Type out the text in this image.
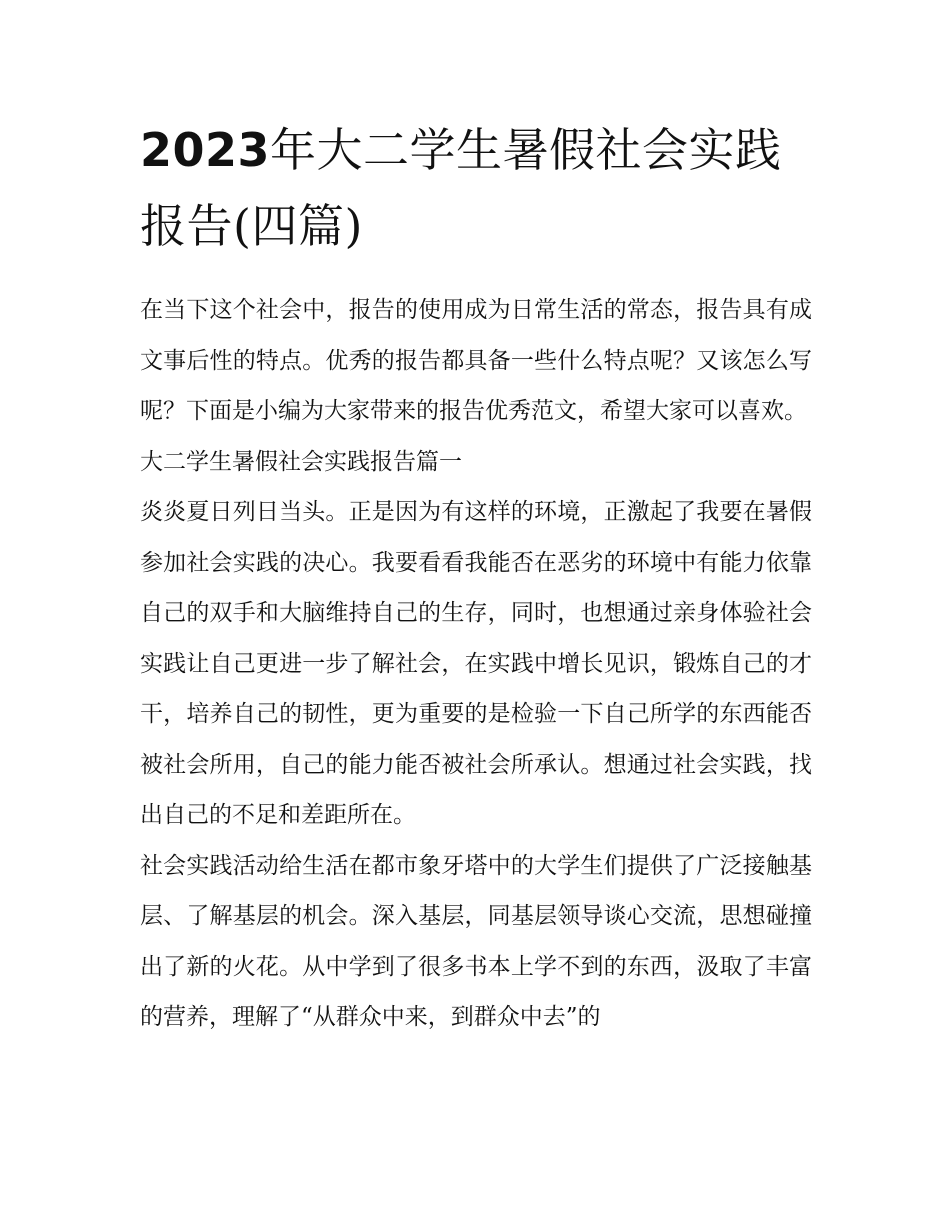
2023年大二学生暑假社会实践报告(四篇)

在当下这个社会中，报告的使用成为日常生活的常态，报告具有成文事后性的特点。优秀的报告都具备一些什么特点呢？又该怎么写呢？下面是小编为大家带来的报告优秀范文，希望大家可以喜欢。

大二学生暑假社会实践报告篇一

炎炎夏日列日当头。正是因为有这样的环境，正激起了我要在暑假参加社会实践的决心。我要看看我能否在恶劣的环境中有能力依靠自己的双手和大脑维持自己的生存，同时，也想通过亲身体验社会实践让自己更进一步了解社会，在实践中增长见识，锻炼自己的才干，培养自己的韧性，更为重要的是检验一下自己所学的东西能否被社会所用，自己的能力能否被社会所承认。想通过社会实践，找出自己的不足和差距所在。

社会实践活动给生活在都市象牙塔中的大学生们提供了广泛接触基层、了解基层的机会。深入基层，同基层领导谈心交流，思想碰撞出了新的火花。从中学到了很多书本上学不到的东西，汲取了丰富的营养，理解了“从群众中来，到群众中去”的
